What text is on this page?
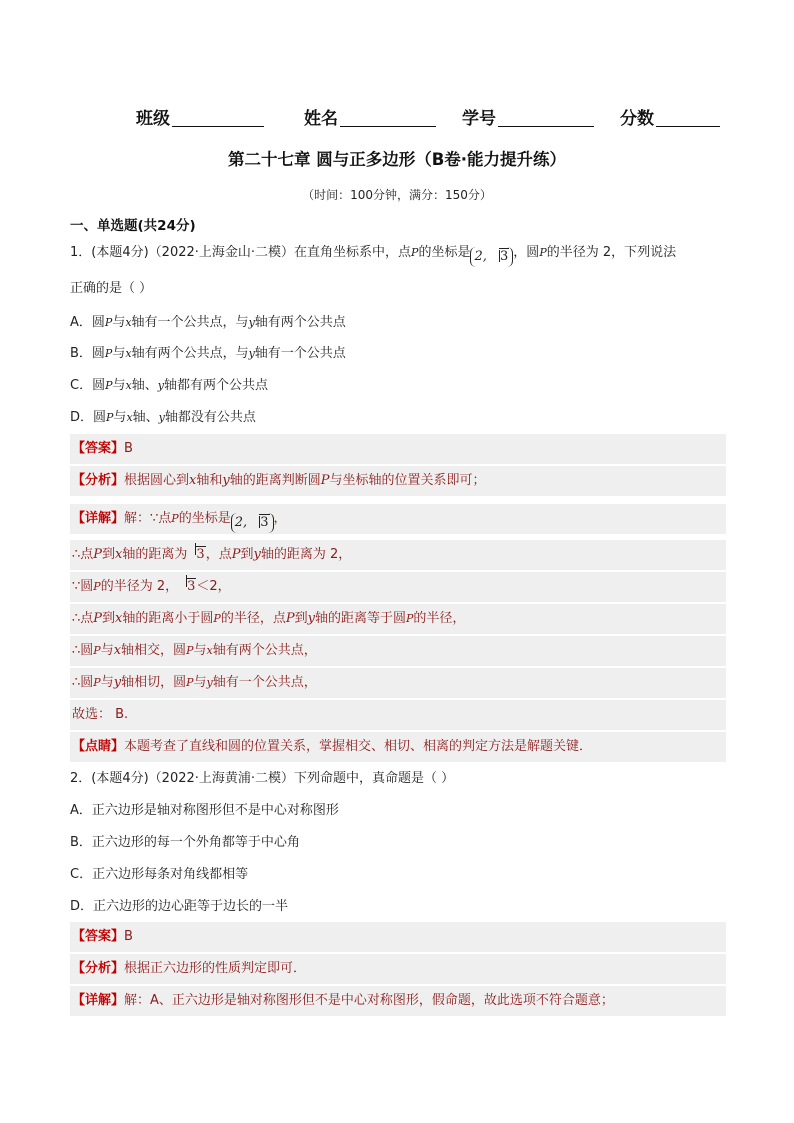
班级	姓名	学号	分数
第二十七章 圆与正多边形（B卷·能力提升练）
（时间：100分钟，满分：150分）
一、单选题(共24分)
1．(本题4分)（2022·上海金山·二模）在直角坐标系中，点P的坐标是 2, 3 ，圆P的半径为 2，下列说法
正确的是（ ）
A．圆P与x轴有一个公共点，与y轴有两个公共点
B．圆P与x轴有两个公共点，与y轴有一个公共点
C．圆P与x轴、y轴都有两个公共点
D．圆P与x轴、y轴都没有公共点
【答案】B
【分析】根据圆心到x轴和y轴的距离判断圆P与坐标轴的位置关系即可；
【详解】解：∵点P的坐标是 2, 3 ，
∴点P到x轴的距离为 3，点P到y轴的距离为 2，
∵圆P的半径为 2， 3＜2，
∴点P到x轴的距离小于圆P的半径，点P到y轴的距离等于圆P的半径，
∴圆P与x轴相交，圆P与x轴有两个公共点，
∴圆P与y轴相切，圆P与y轴有一个公共点，
故选： B.
【点睛】本题考查了直线和圆的位置关系，掌握相交、相切、相离的判定方法是解题关键．
2．(本题4分)（2022·上海黄浦·二模）下列命题中，真命题是（ ）
A．正六边形是轴对称图形但不是中心对称图形
B．正六边形的每一个外角都等于中心角
C．正六边形每条对角线都相等
D．正六边形的边心距等于边长的一半
【答案】B
【分析】根据正六边形的性质判定即可．
【详解】解：A、正六边形是轴对称图形但不是中心对称图形，假命题，故此选项不符合题意；
